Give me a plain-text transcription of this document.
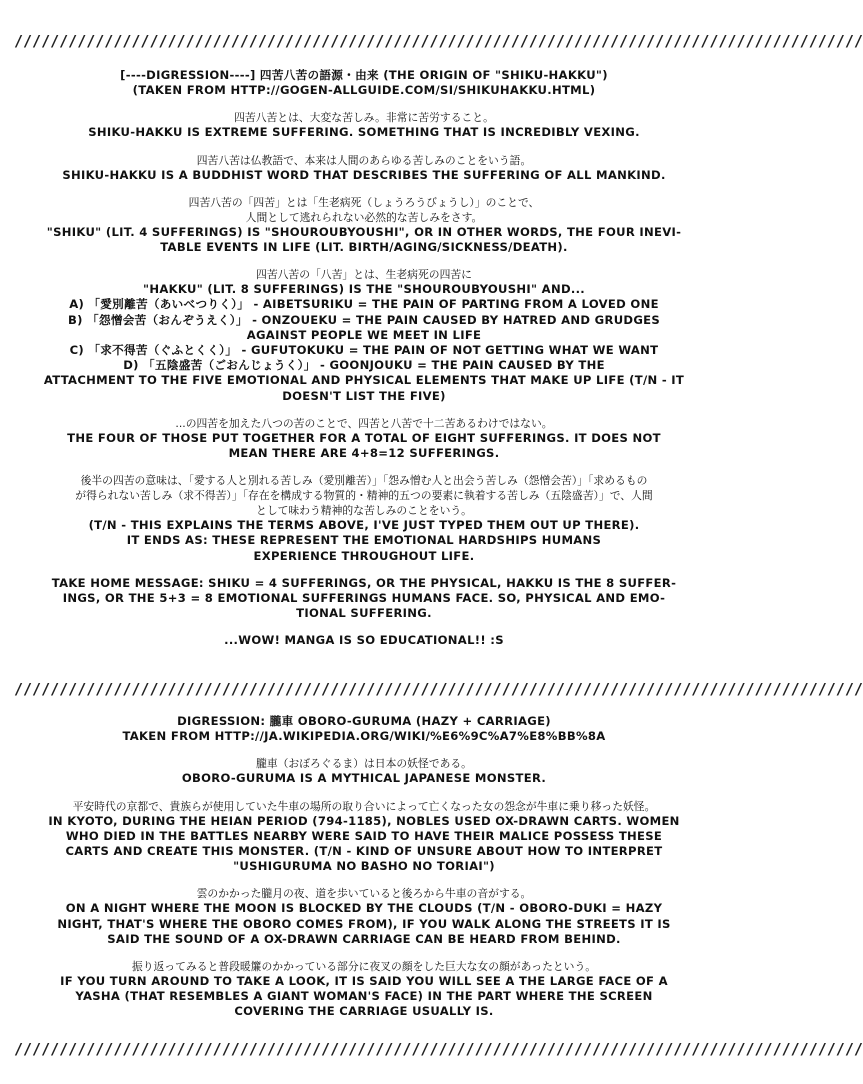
//////////////////////////////////////////////////////////////////////////////////////////////
[----DIGRESSION----] 四苦八苦の語源・由来 (THE ORIGIN OF "SHIKU-HAKKU")
(TAKEN FROM HTTP://GOGEN-ALLGUIDE.COM/SI/SHIKUHAKKU.HTML)
四苦八苦とは、大変な苦しみ。非常に苦労すること。
SHIKU-HAKKU IS EXTREME SUFFERING. SOMETHING THAT IS INCREDIBLY VEXING.
四苦八苦は仏教語で、本来は人間のあらゆる苦しみのことをいう語。
SHIKU-HAKKU IS A BUDDHIST WORD THAT DESCRIBES THE SUFFERING OF ALL MANKIND.
四苦八苦の「四苦」とは「生老病死（しょうろうびょうし）」のことで、
人間として逃れられない必然的な苦しみをさす。
"SHIKU" (LIT. 4 SUFFERINGS) IS "SHOUROUBYOUSHI", OR IN OTHER WORDS, THE FOUR INEVI-
TABLE EVENTS IN LIFE (LIT. BIRTH/AGING/SICKNESS/DEATH).
四苦八苦の「八苦」とは、生老病死の四苦に
"HAKKU" (LIT. 8 SUFFERINGS) IS THE "SHOUROUBYOUSHI" AND...
A) 「愛別離苦（あいべつりく）」 - AIBETSURIKU = THE PAIN OF PARTING FROM A LOVED ONE
B) 「怨憎会苦（おんぞうえく）」 - ONZOUEKU = THE PAIN CAUSED BY HATRED AND GRUDGES
AGAINST PEOPLE WE MEET IN LIFE
C) 「求不得苦（ぐふとくく）」 - GUFUTOKUKU = THE PAIN OF NOT GETTING WHAT WE WANT
D) 「五陰盛苦（ごおんじょうく）」 - GOONJOUKU = THE PAIN CAUSED BY THE
ATTACHMENT TO THE FIVE EMOTIONAL AND PHYSICAL ELEMENTS THAT MAKE UP LIFE (T/N - IT
DOESN'T LIST THE FIVE)
...の四苦を加えた八つの苦のことで、四苦と八苦で十二苦あるわけではない。
THE FOUR OF THOSE PUT TOGETHER FOR A TOTAL OF EIGHT SUFFERINGS. IT DOES NOT
MEAN THERE ARE 4+8=12 SUFFERINGS.
後半の四苦の意味は、「愛する人と別れる苦しみ（愛別離苦）」「怨み憎む人と出会う苦しみ（怨憎会苦）」「求めるもの
が得られない苦しみ（求不得苦）」「存在を構成する物質的・精神的五つの要素に執着する苦しみ（五陰盛苦）」で、人間
として味わう精神的な苦しみのことをいう。
(T/N - THIS EXPLAINS THE TERMS ABOVE, I'VE JUST TYPED THEM OUT UP THERE).
IT ENDS AS: THESE REPRESENT THE EMOTIONAL HARDSHIPS HUMANS
EXPERIENCE THROUGHOUT LIFE.
TAKE HOME MESSAGE: SHIKU = 4 SUFFERINGS, OR THE PHYSICAL, HAKKU IS THE 8 SUFFER-
INGS, OR THE 5+3 = 8 EMOTIONAL SUFFERINGS HUMANS FACE. SO, PHYSICAL AND EMO-
TIONAL SUFFERING.
...WOW! MANGA IS SO EDUCATIONAL!! :S
//////////////////////////////////////////////////////////////////////////////////////////////
DIGRESSION: 朧車 OBORO-GURUMA (HAZY + CARRIAGE)
TAKEN FROM HTTP://JA.WIKIPEDIA.ORG/WIKI/%E6%9C%A7%E8%BB%8A
朧車（おぼろぐるま）は日本の妖怪である。
OBORO-GURUMA IS A MYTHICAL JAPANESE MONSTER.
平安時代の京都で、貴族らが使用していた牛車の場所の取り合いによって亡くなった女の怨念が牛車に乗り移った妖怪。
IN KYOTO, DURING THE HEIAN PERIOD (794-1185), NOBLES USED OX-DRAWN CARTS. WOMEN
WHO DIED IN THE BATTLES NEARBY WERE SAID TO HAVE THEIR MALICE POSSESS THESE
CARTS AND CREATE THIS MONSTER. (T/N - KIND OF UNSURE ABOUT HOW TO INTERPRET
"USHIGURUMA NO BASHO NO TORIAI")
雲のかかった朧月の夜、道を歩いていると後ろから牛車の音がする。
ON A NIGHT WHERE THE MOON IS BLOCKED BY THE CLOUDS (T/N - OBORO-DUKI = HAZY
NIGHT, THAT'S WHERE THE OBORO COMES FROM), IF YOU WALK ALONG THE STREETS IT IS
SAID THE SOUND OF A OX-DRAWN CARRIAGE CAN BE HEARD FROM BEHIND.
振り返ってみると普段暖簾のかかっている部分に夜叉の顔をした巨大な女の顔があったという。
IF YOU TURN AROUND TO TAKE A LOOK, IT IS SAID YOU WILL SEE A THE LARGE FACE OF A
YASHA (THAT RESEMBLES A GIANT WOMAN'S FACE) IN THE PART WHERE THE SCREEN
COVERING THE CARRIAGE USUALLY IS.
//////////////////////////////////////////////////////////////////////////////////////////////
